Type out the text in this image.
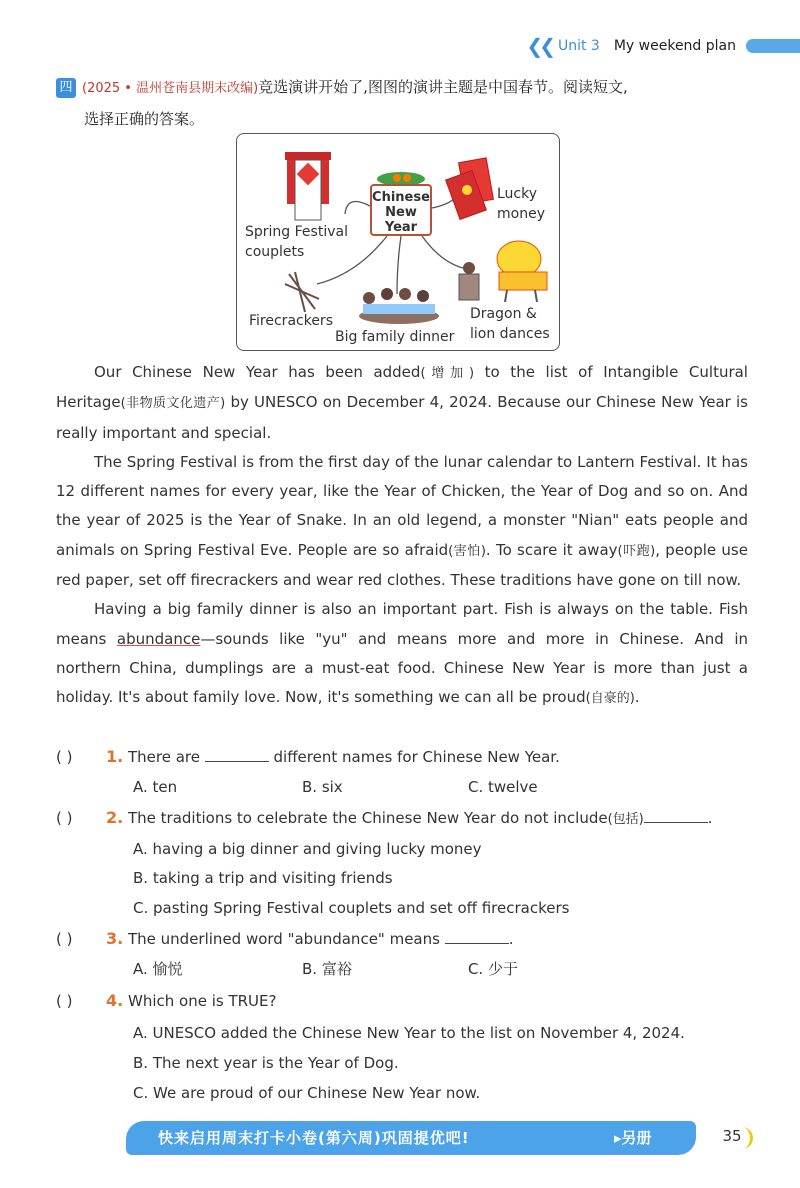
❮❮ Unit 3 My weekend plan
四 (2025 • 温州苍南县期末改编)竞选演讲开始了,图图的演讲主题是中国春节。阅读短文,
选择正确的答案。
Chinese
New
Year
Spring Festival
couplets
Lucky
money
Firecrackers
Big family dinner
Dragon &
lion dances

Our Chinese New Year has been added(增加) to the list of Intangible Cultural Heritage(非物质文化遗产) by UNESCO on December 4, 2024. Because our Chinese New Year is really important and special.

The Spring Festival is from the first day of the lunar calendar to Lantern Festival. It has 12 different names for every year, like the Year of Chicken, the Year of Dog and so on. And the year of 2025 is the Year of Snake. In an old legend, a monster "Nian" eats people and animals on Spring Festival Eve. People are so afraid(害怕). To scare it away(吓跑), people use red paper, set off firecrackers and wear red clothes. These traditions have gone on till now.

Having a big family dinner is also an important part. Fish is always on the table. Fish means abundance—sounds like "yu" and means more and more in Chinese. And in northern China, dumplings are a must-eat food. Chinese New Year is more than just a holiday. It's about family love. Now, it's something we can all be proud(自豪的).

( ) 1. There are	different names for Chinese New Year.
A. ten	B. six	C. twelve
( ) 2. The traditions to celebrate the Chinese New Year do not include(包括)	.
A. having a big dinner and giving lucky money
B. taking a trip and visiting friends
C. pasting Spring Festival couplets and set off firecrackers
( ) 3. The underlined word "abundance" means	.
A. 愉悦	B. 富裕	C. 少于
( ) 4. Which one is TRUE?
A. UNESCO added the Chinese New Year to the list on November 4, 2024.
B. The next year is the Year of Dog.
C. We are proud of our Chinese New Year now.
快来启用周末打卡小卷(第六周)巩固提优吧!	▸另册	35
